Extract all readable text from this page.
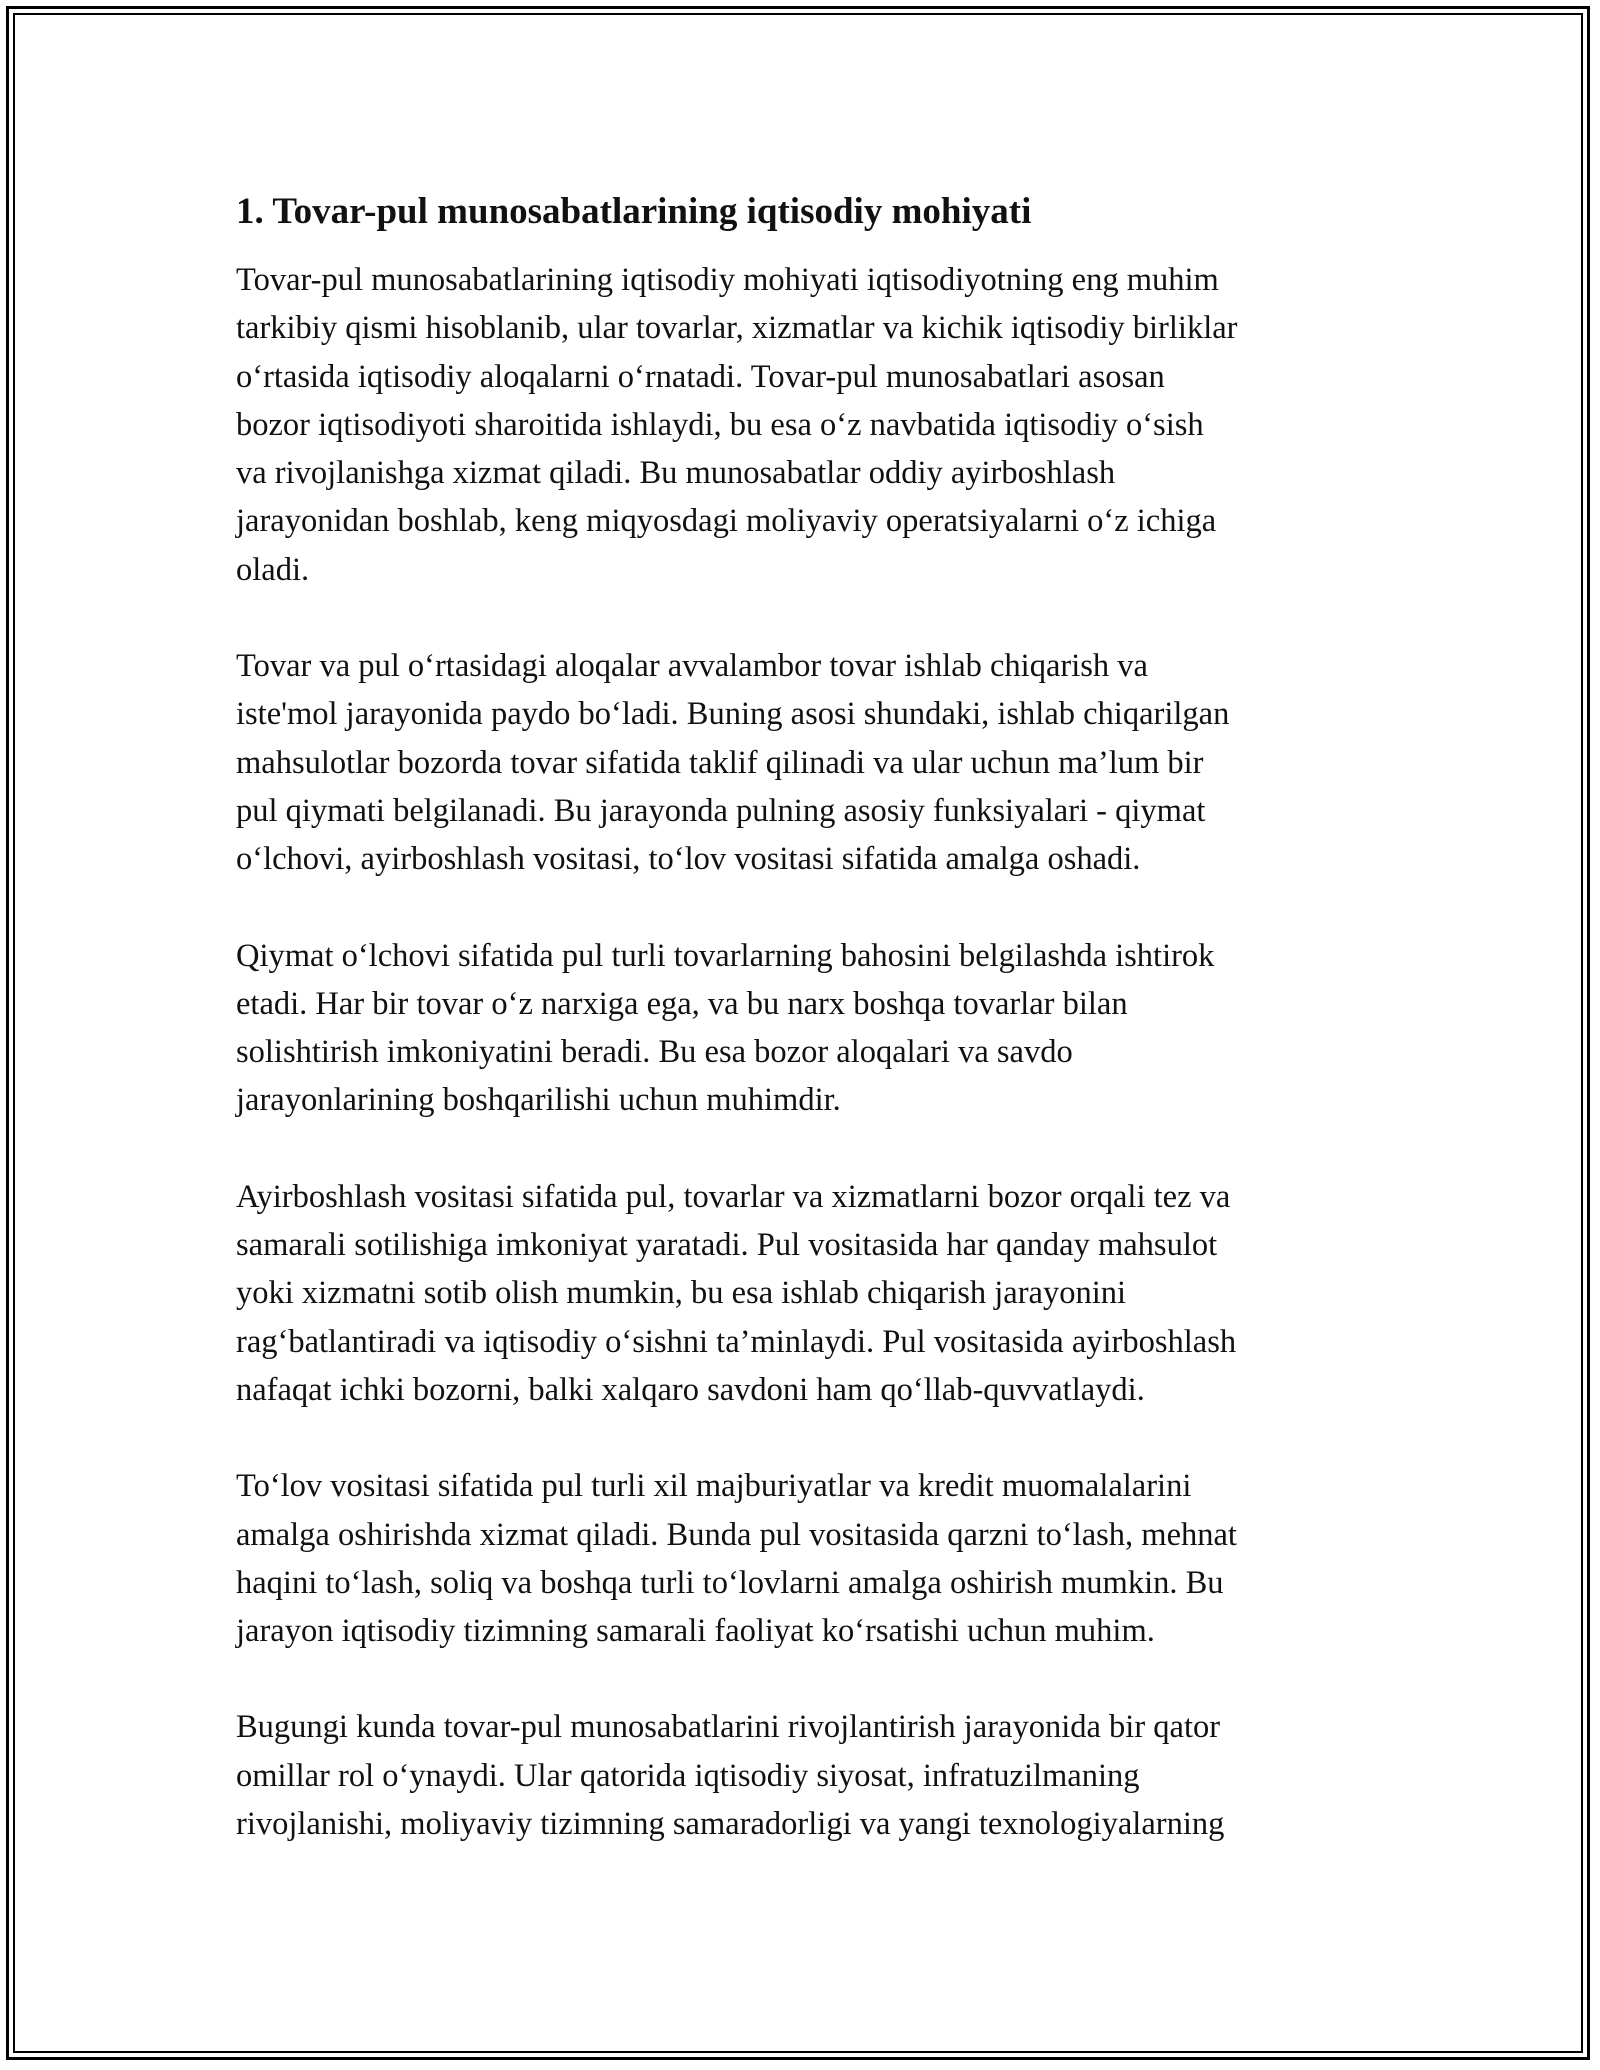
1. Tovar-pul munosabatlarining iqtisodiy mohiyati

Tovar-pul munosabatlarining iqtisodiy mohiyati iqtisodiyotning eng muhim
tarkibiy qismi hisoblanib, ular tovarlar, xizmatlar va kichik iqtisodiy birliklar
o‘rtasida iqtisodiy aloqalarni o‘rnatadi. Tovar-pul munosabatlari asosan
bozor iqtisodiyoti sharoitida ishlaydi, bu esa o‘z navbatida iqtisodiy o‘sish
va rivojlanishga xizmat qiladi. Bu munosabatlar oddiy ayirboshlash
jarayonidan boshlab, keng miqyosdagi moliyaviy operatsiyalarni o‘z ichiga
oladi.

Tovar va pul o‘rtasidagi aloqalar avvalambor tovar ishlab chiqarish va
iste'mol jarayonida paydo bo‘ladi. Buning asosi shundaki, ishlab chiqarilgan
mahsulotlar bozorda tovar sifatida taklif qilinadi va ular uchun ma’lum bir
pul qiymati belgilanadi. Bu jarayonda pulning asosiy funksiyalari - qiymat
o‘lchovi, ayirboshlash vositasi, to‘lov vositasi sifatida amalga oshadi.

Qiymat o‘lchovi sifatida pul turli tovarlarning bahosini belgilashda ishtirok
etadi. Har bir tovar o‘z narxiga ega, va bu narx boshqa tovarlar bilan
solishtirish imkoniyatini beradi. Bu esa bozor aloqalari va savdo
jarayonlarining boshqarilishi uchun muhimdir.

Ayirboshlash vositasi sifatida pul, tovarlar va xizmatlarni bozor orqali tez va
samarali sotilishiga imkoniyat yaratadi. Pul vositasida har qanday mahsulot
yoki xizmatni sotib olish mumkin, bu esa ishlab chiqarish jarayonini
rag‘batlantiradi va iqtisodiy o‘sishni ta’minlaydi. Pul vositasida ayirboshlash
nafaqat ichki bozorni, balki xalqaro savdoni ham qo‘llab-quvvatlaydi.

To‘lov vositasi sifatida pul turli xil majburiyatlar va kredit muomalalarini
amalga oshirishda xizmat qiladi. Bunda pul vositasida qarzni to‘lash, mehnat
haqini to‘lash, soliq va boshqa turli to‘lovlarni amalga oshirish mumkin. Bu
jarayon iqtisodiy tizimning samarali faoliyat ko‘rsatishi uchun muhim.

Bugungi kunda tovar-pul munosabatlarini rivojlantirish jarayonida bir qator
omillar rol o‘ynaydi. Ular qatorida iqtisodiy siyosat, infratuzilmaning
rivojlanishi, moliyaviy tizimning samaradorligi va yangi texnologiyalarning
